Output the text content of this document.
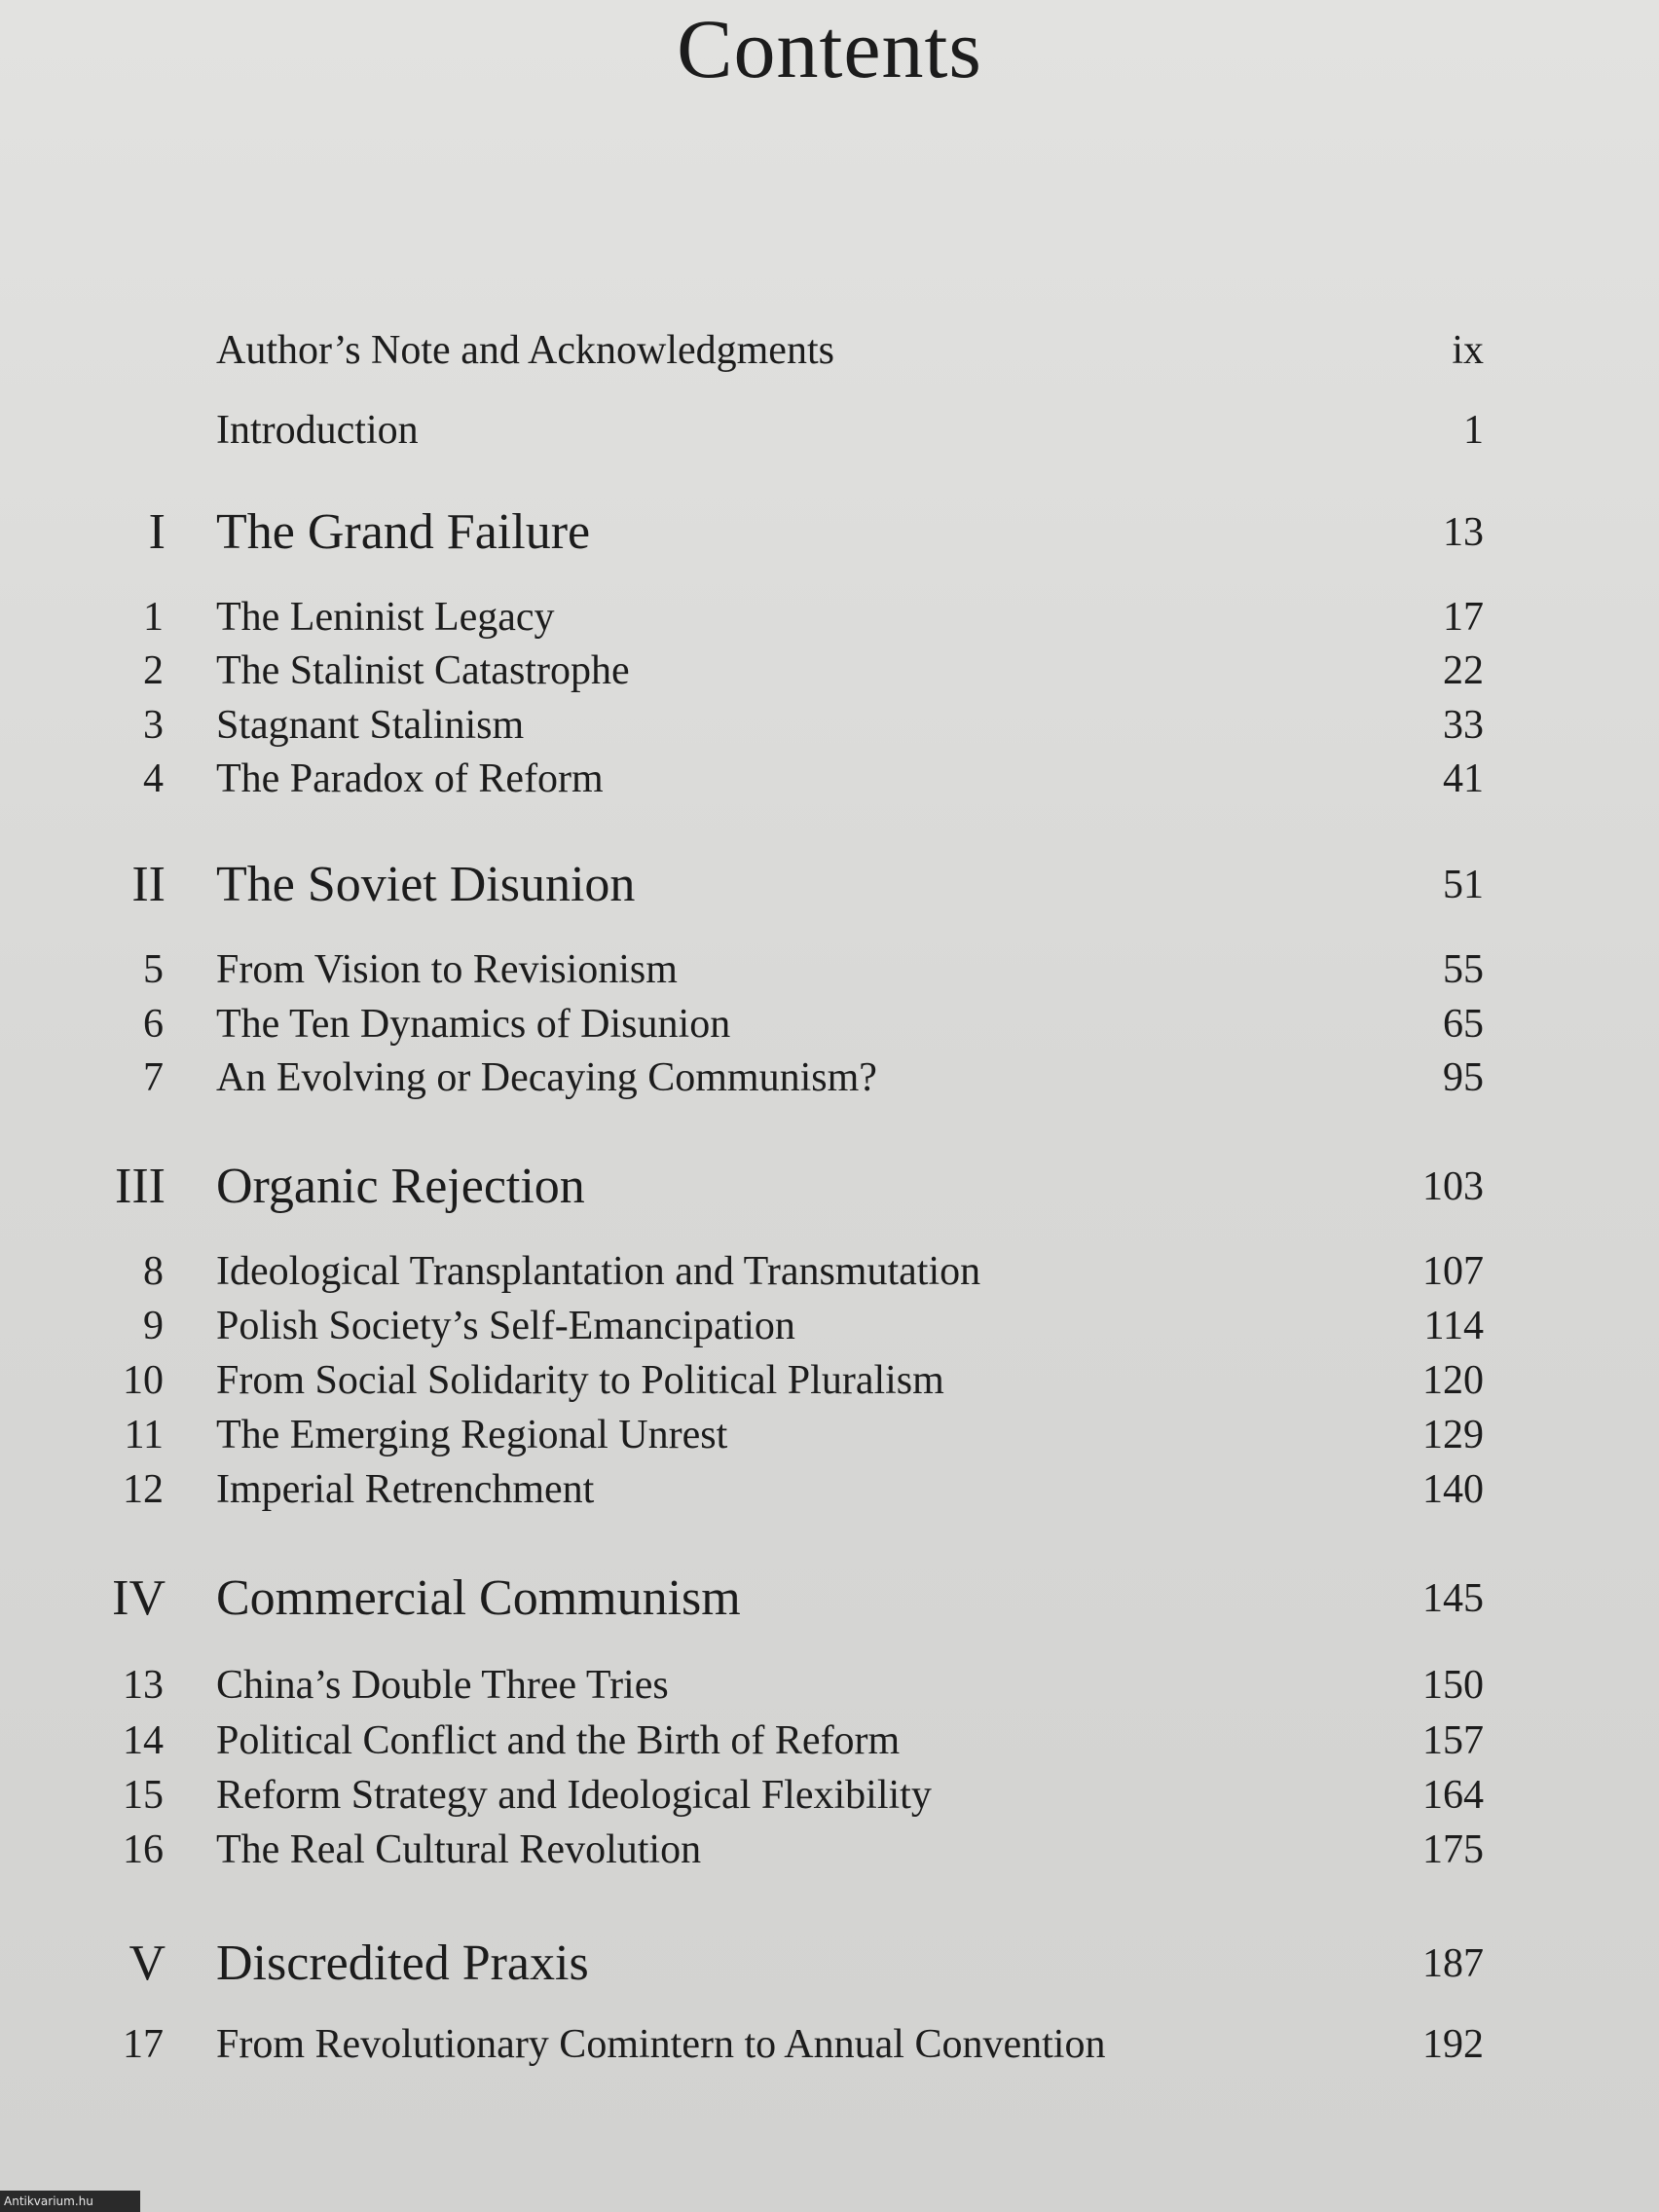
Contents
Author’s Note and Acknowledgments	ix
Introduction	1
I The Grand Failure	13
1 The Leninist Legacy	17
2 The Stalinist Catastrophe	22
3 Stagnant Stalinism	33
4 The Paradox of Reform	41
II The Soviet Disunion	51
5 From Vision to Revisionism	55
6 The Ten Dynamics of Disunion	65
7 An Evolving or Decaying Communism?	95
III Organic Rejection	103
8 Ideological Transplantation and Transmutation	107
9 Polish Society’s Self-Emancipation	114
10 From Social Solidarity to Political Pluralism	120
11 The Emerging Regional Unrest	129
12 Imperial Retrenchment	140
IV Commercial Communism	145
13 China’s Double Three Tries	150
14 Political Conflict and the Birth of Reform	157
15 Reform Strategy and Ideological Flexibility	164
16 The Real Cultural Revolution	175
V Discredited Praxis	187
17 From Revolutionary Comintern to Annual Convention	192
Antikvarium.hu
